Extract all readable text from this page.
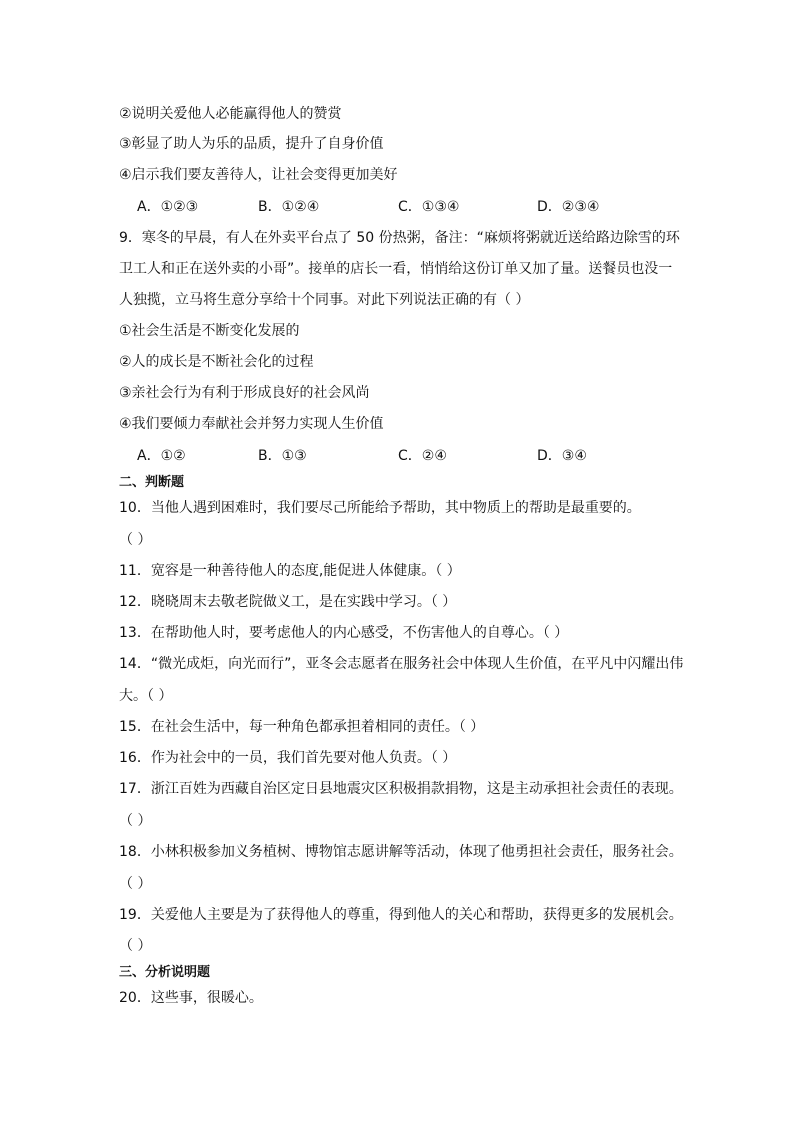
②说明关爱他人必能赢得他人的赞赏
③彰显了助人为乐的品质，提升了自身价值
④启示我们要友善待人，让社会变得更加美好
A．①②③	B．①②④	C．①③④	D．②③④
9．寒冬的早晨，有人在外卖平台点了 50 份热粥，备注：“麻烦将粥就近送给路边除雪的环
卫工人和正在送外卖的小哥”。接单的店长一看，悄悄给这份订单又加了量。送餐员也没一
人独揽，立马将生意分享给十个同事。对此下列说法正确的有（ ）
①社会生活是不断变化发展的
②人的成长是不断社会化的过程
③亲社会行为有利于形成良好的社会风尚
④我们要倾力奉献社会并努力实现人生价值
A．①②	B．①③	C．②④	D．③④
二、判断题
10．当他人遇到困难时，我们要尽己所能给予帮助，其中物质上的帮助是最重要的。
（ ）
11．宽容是一种善待他人的态度,能促进人体健康。（ ）
12．晓晓周末去敬老院做义工，是在实践中学习。（ ）
13．在帮助他人时，要考虑他人的内心感受，不伤害他人的自尊心。（ ）
14．“微光成炬，向光而行”，亚冬会志愿者在服务社会中体现人生价值，在平凡中闪耀出伟
大。（ ）
15．在社会生活中，每一种角色都承担着相同的责任。（ ）
16．作为社会中的一员，我们首先要对他人负责。（ ）
17．浙江百姓为西藏自治区定日县地震灾区积极捐款捐物，这是主动承担社会责任的表现。
（ ）
18．小林积极参加义务植树、博物馆志愿讲解等活动，体现了他勇担社会责任，服务社会。
（ ）
19．关爱他人主要是为了获得他人的尊重，得到他人的关心和帮助，获得更多的发展机会。
（ ）
三、分析说明题
20．这些事，很暖心。
